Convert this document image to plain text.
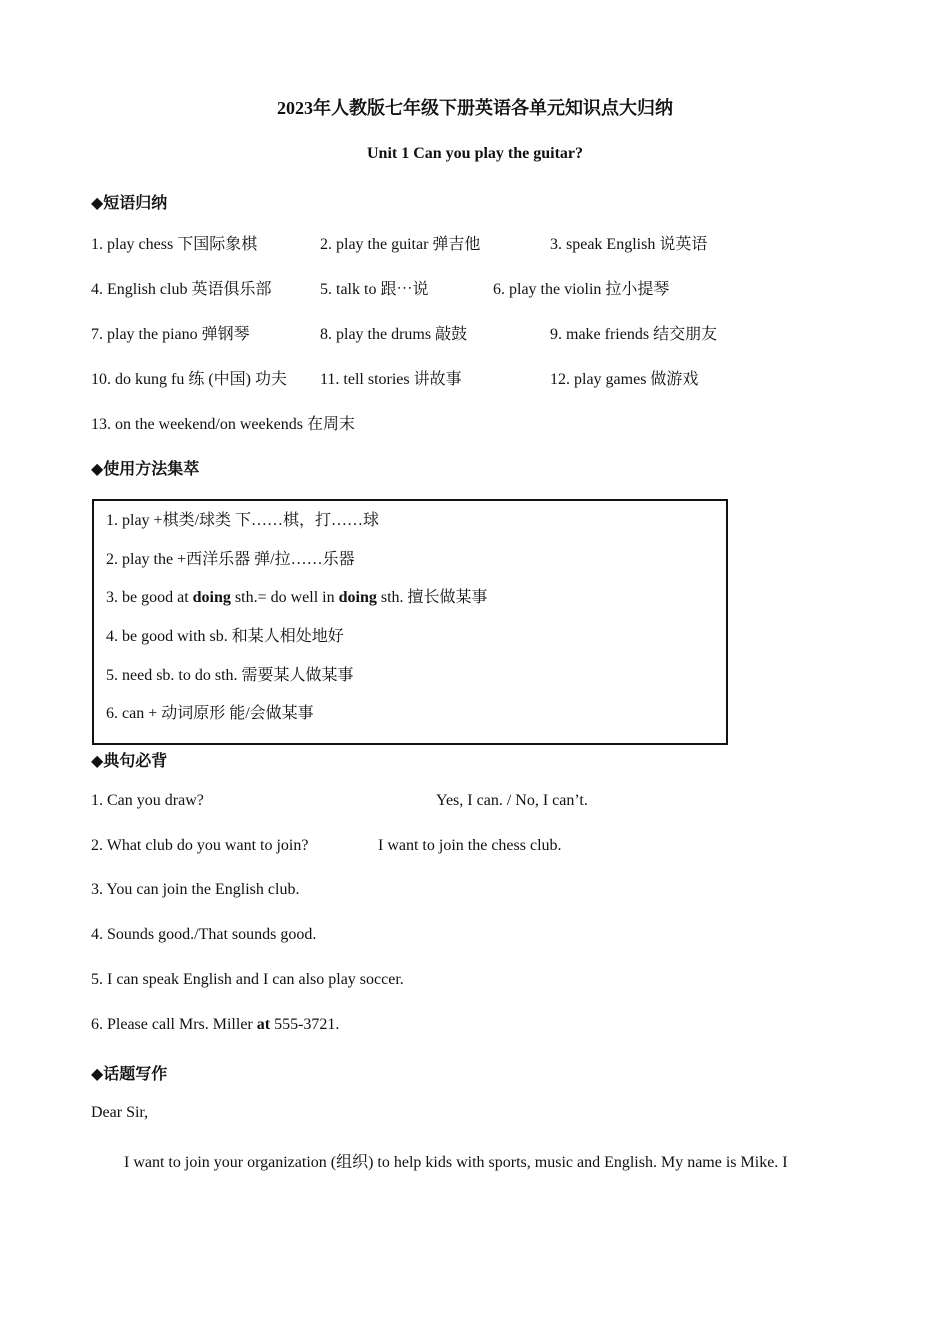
2023年人教版七年级下册英语各单元知识点大归纳
Unit 1 Can you play the guitar?
◆短语归纳
1. play chess 下国际象棋	2. play the guitar 弹吉他	3. speak English 说英语
4. English club 英语俱乐部	5. talk to 跟⋯说	6. play the violin 拉小提琴
7. play the piano 弹钢琴	8. play the drums 敲鼓	9. make friends 结交朋友
10. do kung fu 练 (中国) 功夫 11. tell stories 讲故事	12. play games 做游戏
13. on the weekend/on weekends 在周末
◆使用方法集萃
1. play +棋类/球类 下……棋，打……球
2. play the +西洋乐器 弹/拉……乐器
3. be good at doing sth.= do well in doing sth. 擅长做某事
4. be good with sb. 和某人相处地好
5. need sb. to do sth. 需要某人做某事
6. can + 动词原形 能/会做某事
◆典句必背
1. Can you draw?	Yes, I can. / No, I can’t.
2. What club do you want to join?	I want to join the chess club.
3. You can join the English club.
4. Sounds good./That sounds good.
5. I can speak English and I can also play soccer.
6. Please call Mrs. Miller at 555-3721.
◆话题写作
Dear Sir,
I want to join your organization (组织) to help kids with sports, music and English. My name is Mike. I
